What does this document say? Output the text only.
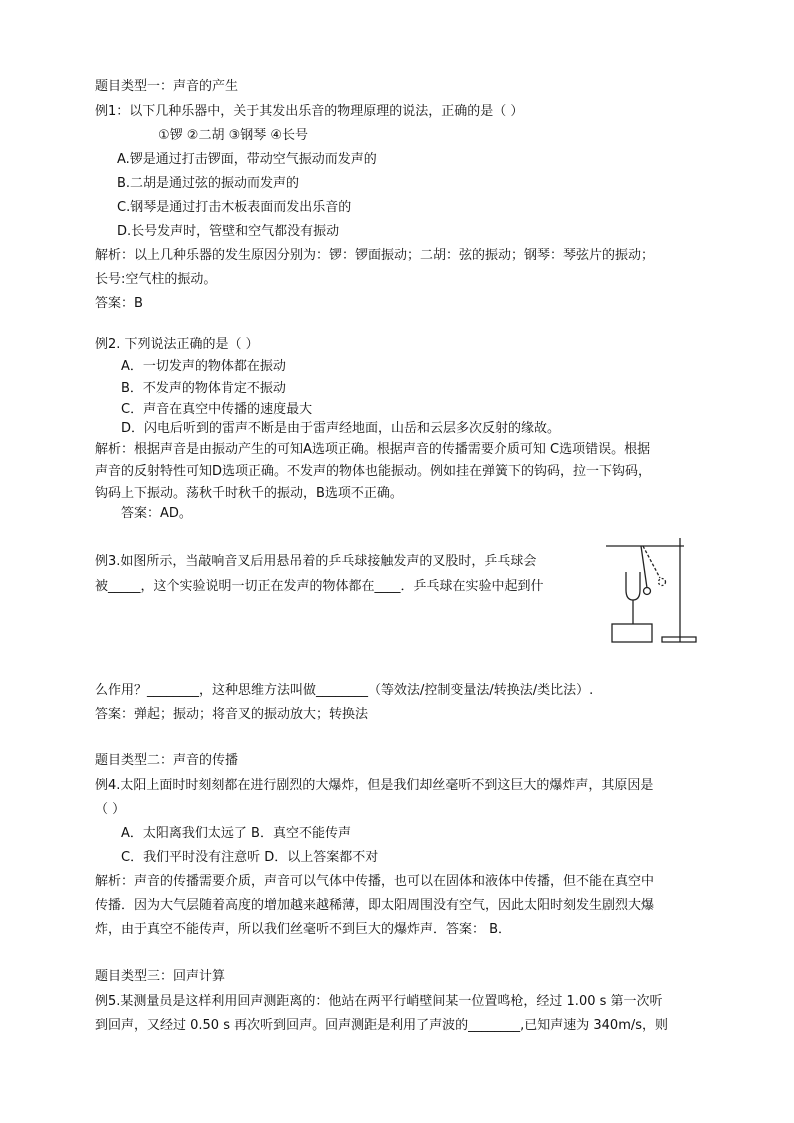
题目类型一：声音的产生
例1：以下几种乐器中，关于其发出乐音的物理原理的说法，正确的是（ ）
①锣 ②二胡 ③钢琴 ④长号
A.锣是通过打击锣面，带动空气振动而发声的
B.二胡是通过弦的振动而发声的
C.钢琴是通过打击木板表面而发出乐音的
D.长号发声时，管壁和空气都没有振动
解析：以上几种乐器的发生原因分别为：锣：锣面振动；二胡：弦的振动；钢琴：琴弦片的振动；
长号:空气柱的振动。
答案：B
例2. 下列说法正确的是（ ）
A．一切发声的物体都在振动
B．不发声的物体肯定不振动
C．声音在真空中传播的速度最大
D．闪电后听到的雷声不断是由于雷声经地面，山岳和云层多次反射的缘故。
解析：根据声音是由振动产生的可知A选项正确。根据声音的传播需要介质可知 C选项错误。根据
声音的反射特性可知D选项正确。不发声的物体也能振动。例如挂在弹簧下的钩码，拉一下钩码，
钩码上下振动。荡秋千时秋千的振动，B选项不正确。
答案：AD。
例3.如图所示，当敲响音叉后用悬吊着的乒乓球接触发声的叉股时，乒乓球会
被_____，这个实验说明一切正在发声的物体都在____．乒乓球在实验中起到什
么作用？________，这种思维方法叫做________（等效法/控制变量法/转换法/类比法）.
答案：弹起；振动；将音叉的振动放大；转换法
题目类型二：声音的传播
例4.太阳上面时时刻刻都在进行剧烈的大爆炸，但是我们却丝毫听不到这巨大的爆炸声，其原因是
（ ）
A．太阳离我们太远了 B．真空不能传声
C．我们平时没有注意听 D．以上答案都不对
解析：声音的传播需要介质，声音可以气体中传播，也可以在固体和液体中传播，但不能在真空中
传播．因为大气层随着高度的增加越来越稀薄，即太阳周围没有空气，因此太阳时刻发生剧烈大爆
炸，由于真空不能传声，所以我们丝毫听不到巨大的爆炸声．答案： B．
题目类型三：回声计算
例5.某测量员是这样利用回声测距离的：他站在两平行峭壁间某一位置鸣枪，经过 1.00 s 第一次听
到回声，又经过 0.50 s 再次听到回声。回声测距是利用了声波的________,已知声速为 340m/s，则
